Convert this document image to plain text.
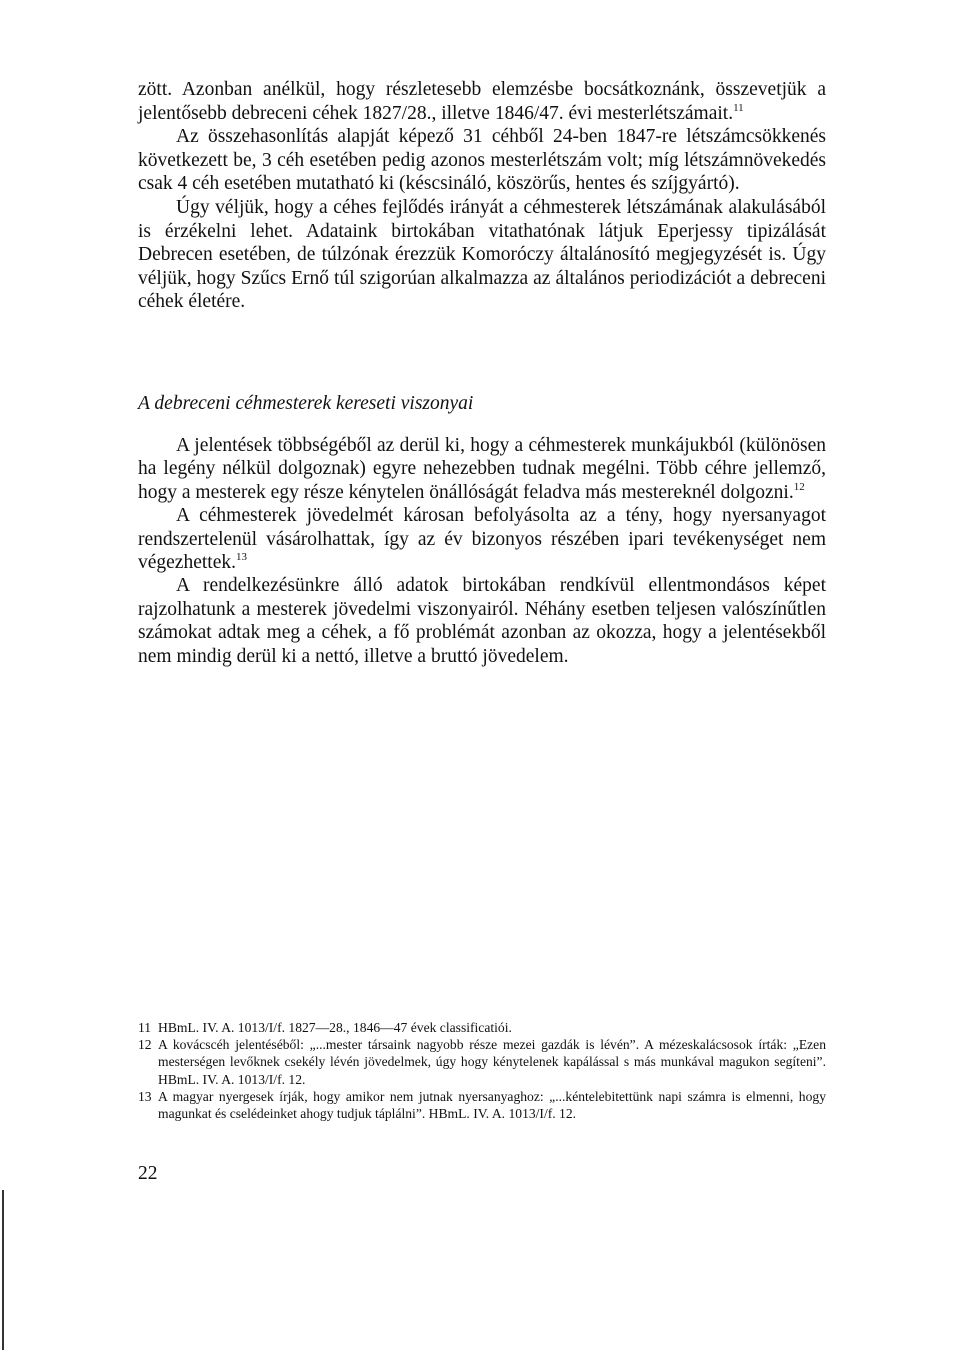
zött. Azonban anélkül, hogy részletesebb elemzésbe bocsátkoznánk, összevetjük a jelentősebb debreceni céhek 1827/28., illetve 1846/47. évi mesterlétszámait.$^{11}$

Az összehasonlítás alapját képező 31 céhből 24-ben 1847-re létszámcsökkenés következett be, 3 céh esetében pedig azonos mesterlétszám volt; míg létszámnövekedés csak 4 céh esetében mutatható ki (késcsináló, köszörűs, hentes és szíjgyártó).

Úgy véljük, hogy a céhes fejlődés irányát a céhmesterek létszámának alakulásából is érzékelni lehet. Adataink birtokában vitathatónak látjuk Eperjessy tipizálását Debrecen esetében, de túlzónak érezzük Komoróczy általánosító megjegyzését is. Úgy véljük, hogy Szűcs Ernő túl szigorúan alkalmazza az általános periodizációt a debreceni céhek életére.

A debreceni céhmesterek kereseti viszonyai

A jelentések többségéből az derül ki, hogy a céhmesterek munkájukból (különösen ha legény nélkül dolgoznak) egyre nehezebben tudnak megélni. Több céhre jellemző, hogy a mesterek egy része kénytelen önállóságát feladva más mestereknél dolgozni.$^{12}$

A céhmesterek jövedelmét károsan befolyásolta az a tény, hogy nyersanyagot rendszertelenül vásárolhattak, így az év bizonyos részében ipari tevékenységet nem végezhettek.$^{13}$

A rendelkezésünkre álló adatok birtokában rendkívül ellentmondásos képet rajzolhatunk a mesterek jövedelmi viszonyairól. Néhány esetben teljesen valószínűtlen számokat adtak meg a céhek, a fő problémát azonban az okozza, hogy a jelentésekből nem mindig derül ki a nettó, illetve a bruttó jövedelem.

11 HBmL. IV. A. 1013/I/f. 1827—28., 1846—47 évek classificatiói.

12 A kovácscéh jelentéséből: „...mester társaink nagyobb része mezei gazdák is lévén”. A mézeskalácsosok írták: „Ezen mesterségen levőknek csekély lévén jövedelmek, úgy hogy kénytelenek kapálással s más munkával magukon segíteni”. HBmL. IV. A. 1013/I/f. 12.

13 A magyar nyergesek írják, hogy amikor nem jutnak nyersanyaghoz: „...kéntelebitettünk napi számra is elmenni, hogy magunkat és cselédeinket ahogy tudjuk táplálni”. HBmL. IV. A. 1013/I/f. 12.

22
